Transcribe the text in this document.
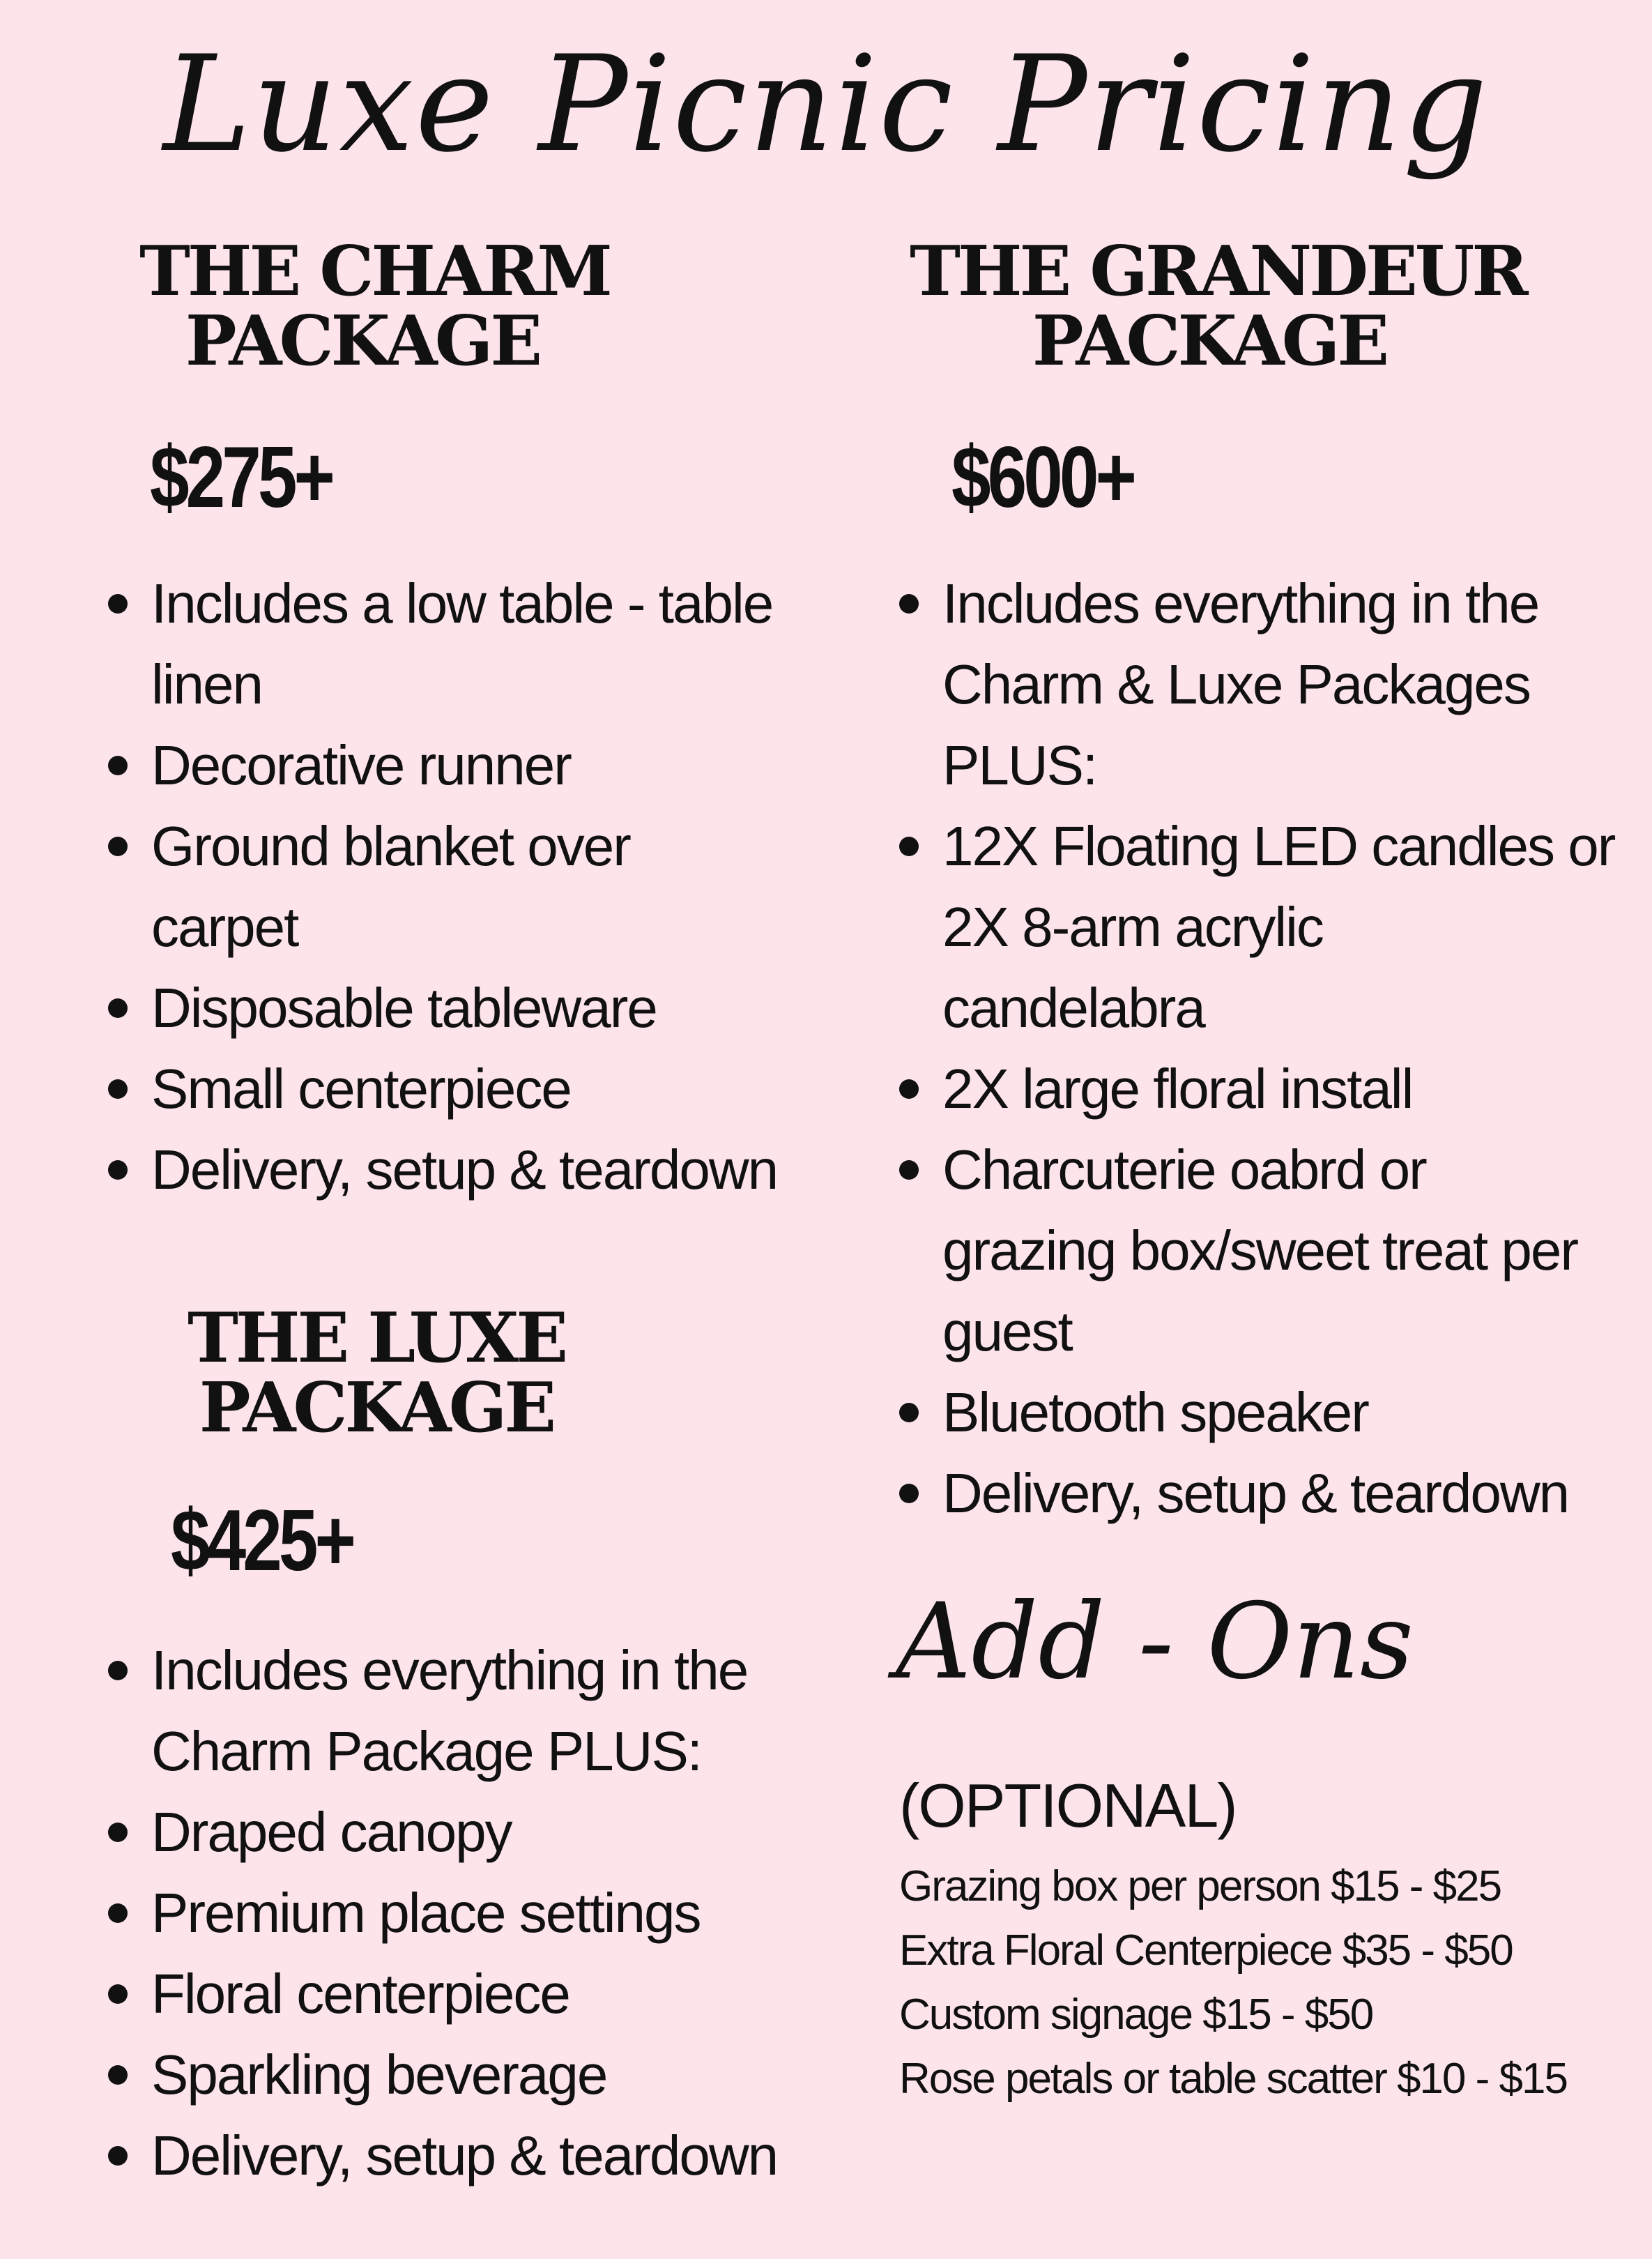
Luxe Picnic Pricing
THE CHARM
PACKAGE
$275+
Includes a low table - table
linen
Decorative runner
Ground blanket over
carpet
Disposable tableware
Small centerpiece
Delivery, setup & teardown
THE LUXE
PACKAGE
$425+
Includes everything in the
Charm Package PLUS:
Draped canopy
Premium place settings
Floral centerpiece
Sparkling beverage
Delivery, setup & teardown
THE GRANDEUR
PACKAGE
$600+
Includes everything in the
Charm & Luxe Packages
PLUS:
12X Floating LED candles or
2X 8-arm acrylic
candelabra
2X large floral install
Charcuterie oabrd or
grazing box/sweet treat per
guest
Bluetooth speaker
Delivery, setup & teardown
Add - Ons
(OPTIONAL)
Grazing box per person $15 - $25
Extra Floral Centerpiece $35 - $50
Custom signage $15 - $50
Rose petals or table scatter $10 - $15
